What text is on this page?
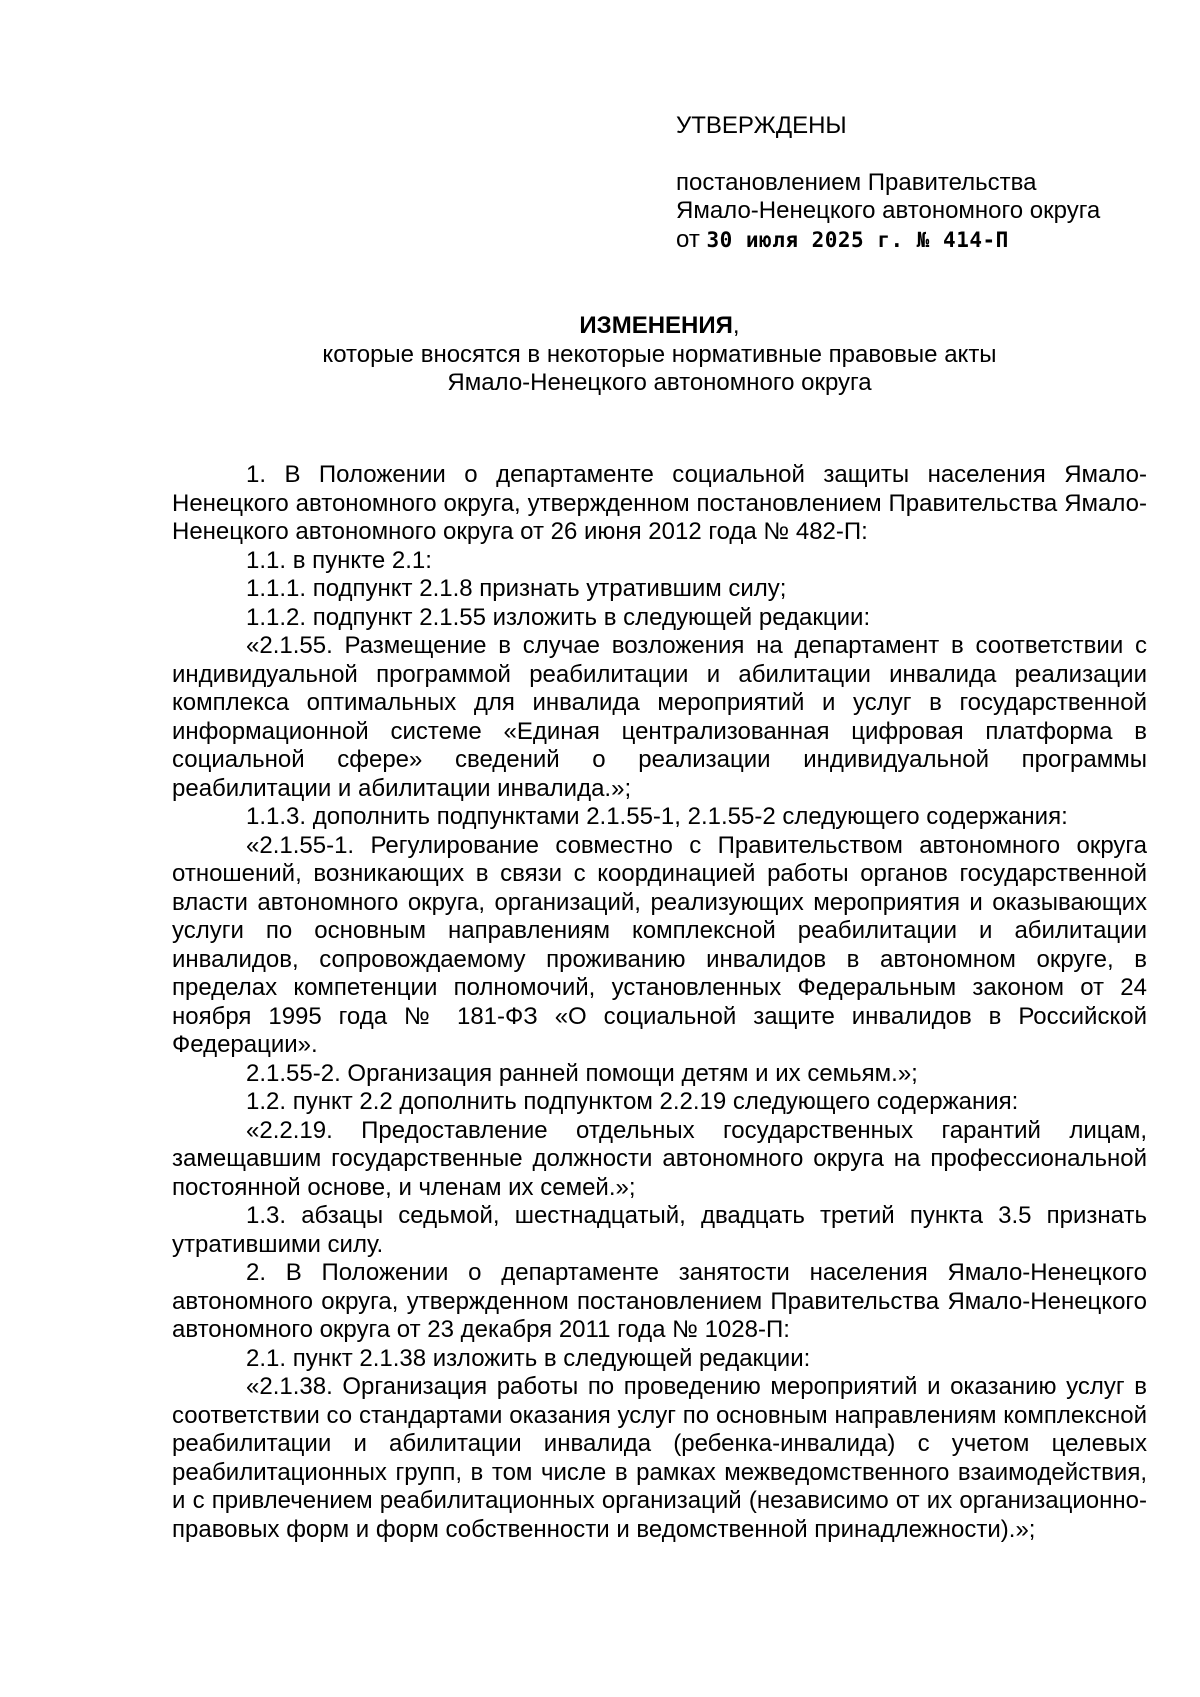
УТВЕРЖДЕНЫ
постановлением Правительства
Ямало-Ненецкого автономного округа
от 30 июля 2025 г. № 414-П
ИЗМЕНЕНИЯ,
которые вносятся в некоторые нормативные правовые акты
Ямало-Ненецкого автономного округа

1. В Положении о департаменте социальной защиты населения Ямало-Ненецкого автономного округа, утвержденном постановлением Правительства Ямало-Ненецкого автономного округа от 26 июня 2012 года № 482-П:

1.1. в пункте 2.1:

1.1.1. подпункт 2.1.8 признать утратившим силу;

1.1.2. подпункт 2.1.55 изложить в следующей редакции:

«2.1.55. Размещение в случае возложения на департамент в соответствии с индивидуальной программой реабилитации и абилитации инвалида реализации комплекса оптимальных для инвалида мероприятий и услуг в государственной информационной системе «Единая централизованная цифровая платформа в социальной сфере» сведений о реализации индивидуальной программы реабилитации и абилитации инвалида.»;

1.1.3. дополнить подпунктами 2.1.55-1, 2.1.55-2 следующего содержания:

«2.1.55-1. Регулирование совместно с Правительством автономного округа отношений, возникающих в связи с координацией работы органов государственной власти автономного округа, организаций, реализующих мероприятия и оказывающих услуги по основным направлениям комплексной реабилитации и абилитации инвалидов, сопровождаемому проживанию инвалидов в автономном округе, в пределах компетенции полномочий, установленных Федеральным законом от 24 ноября 1995 года № 181-ФЗ «О социальной защите инвалидов в Российской Федерации».

2.1.55-2. Организация ранней помощи детям и их семьям.»;

1.2. пункт 2.2 дополнить подпунктом 2.2.19 следующего содержания:

«2.2.19. Предоставление отдельных государственных гарантий лицам, замещавшим государственные должности автономного округа на профессиональной постоянной основе, и членам их семей.»;

1.3. абзацы седьмой, шестнадцатый, двадцать третий пункта 3.5 признать утратившими силу.

2. В Положении о департаменте занятости населения Ямало-Ненецкого автономного округа, утвержденном постановлением Правительства Ямало-Ненецкого автономного округа от 23 декабря 2011 года № 1028-П:

2.1. пункт 2.1.38 изложить в следующей редакции:

«2.1.38. Организация работы по проведению мероприятий и оказанию услуг в соответствии со стандартами оказания услуг по основным направлениям комплексной реабилитации и абилитации инвалида (ребенка-инвалида) с учетом целевых реабилитационных групп, в том числе в рамках межведомственного взаимодействия, и с привлечением реабилитационных организаций (независимо от их организационно-правовых форм и форм собственности и ведомственной принадлежности).»;
